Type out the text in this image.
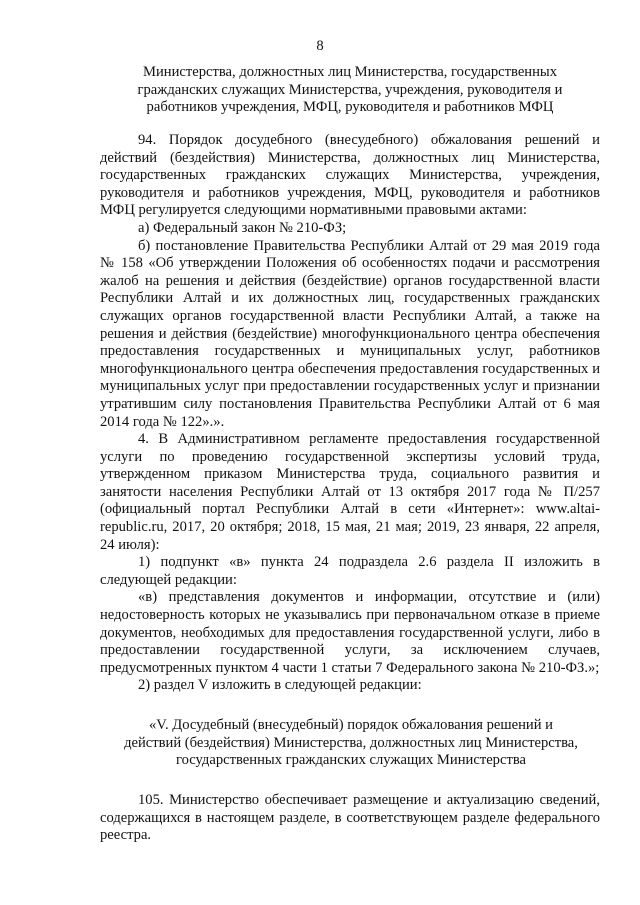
8
Министерства, должностных лиц Министерства, государственных
гражданских служащих Министерства, учреждения, руководителя и
работников учреждения, МФЦ, руководителя и работников МФЦ

94. Порядок досудебного (внесудебного) обжалования решений и действий (бездействия) Министерства, должностных лиц Министерства, государственных гражданских служащих Министерства, учреждения, руководителя и работников учреждения, МФЦ, руководителя и работников МФЦ регулируется следующими нормативными правовыми актами:

а) Федеральный закон № 210-ФЗ;

б) постановление Правительства Республики Алтай от 29 мая 2019 года № 158 «Об утверждении Положения об особенностях подачи и рассмотрения жалоб на решения и действия (бездействие) органов государственной власти Республики Алтай и их должностных лиц, государственных гражданских служащих органов государственной власти Республики Алтай, а также на решения и действия (бездействие) многофункционального центра обеспечения предоставления государственных и муниципальных услуг, работников многофункционального центра обеспечения предоставления государственных и муниципальных услуг при предоставлении государственных услуг и признании утратившим силу постановления Правительства Республики Алтай от 6 мая 2014 года № 122».».

4. В Административном регламенте предоставления государственной услуги по проведению государственной экспертизы условий труда, утвержденном приказом Министерства труда, социального развития и занятости населения Республики Алтай от 13 октября 2017 года № П/257 (официальный портал Республики Алтай в сети «Интернет»: www.altai-republic.ru, 2017, 20 октября; 2018, 15 мая, 21 мая; 2019, 23 января, 22 апреля, 24 июля):

1) подпункт «в» пункта 24 подраздела 2.6 раздела II изложить в следующей редакции:

«в) представления документов и информации, отсутствие и (или) недостоверность которых не указывались при первоначальном отказе в приеме документов, необходимых для предоставления государственной услуги, либо в предоставлении государственной услуги, за исключением случаев, предусмотренных пунктом 4 части 1 статьи 7 Федерального закона № 210-ФЗ.»;

2) раздел V изложить в следующей редакции:

«V. Досудебный (внесудебный) порядок обжалования решений и
действий (бездействия) Министерства, должностных лиц Министерства,
государственных гражданских служащих Министерства

105. Министерство обеспечивает размещение и актуализацию сведений, содержащихся в настоящем разделе, в соответствующем разделе федерального реестра.
